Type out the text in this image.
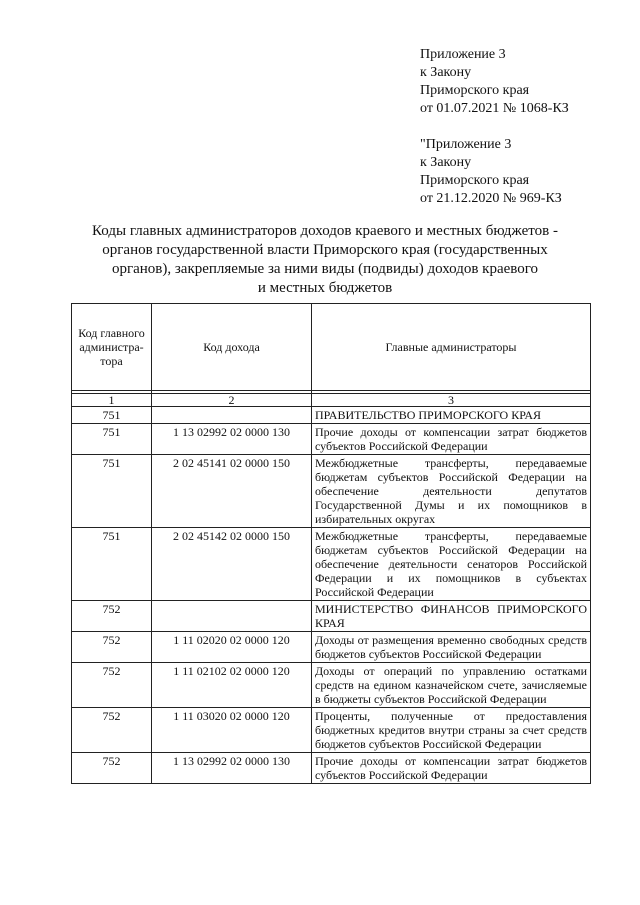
Приложение 3
к Закону
Приморского края
от 01.07.2021 № 1068-КЗ
"Приложение 3
к Закону
Приморского края
от 21.12.2020 № 969-КЗ
Коды главных администраторов доходов краевого и местных бюджетов -
органов государственной власти Приморского края (государственных
органов), закрепляемые за ними виды (подвиды) доходов краевого
и местных бюджетов
Код главного администра-тора	Код дохода	Главные администраторы

1	2	3
751		ПРАВИТЕЛЬСТВО ПРИМОРСКОГО КРАЯ
751	1 13 02992 02 0000 130	Прочие доходы от компенсации затрат бюджетов субъектов Российской Федерации
751	2 02 45141 02 0000 150	Межбюджетные трансферты, передаваемые бюджетам субъектов Российской Федерации на обеспечение деятельности депутатов Государственной Думы и их помощников в избирательных округах
751	2 02 45142 02 0000 150	Межбюджетные трансферты, передаваемые бюджетам субъектов Российской Федерации на обеспечение деятельности сенаторов Российской Федерации и их помощников в субъектах Российской Федерации
752		МИНИСТЕРСТВО ФИНАНСОВ ПРИМОРСКОГО КРАЯ
752	1 11 02020 02 0000 120	Доходы от размещения временно свободных средств бюджетов субъектов Российской Федерации
752	1 11 02102 02 0000 120	Доходы от операций по управлению остатками средств на едином казначейском счете, зачисляемые в бюджеты субъектов Российской Федерации
752	1 11 03020 02 0000 120	Проценты, полученные от предоставления бюджетных кредитов внутри страны за счет средств бюджетов субъектов Российской Федерации
752	1 13 02992 02 0000 130	Прочие доходы от компенсации затрат бюджетов субъектов Российской Федерации
